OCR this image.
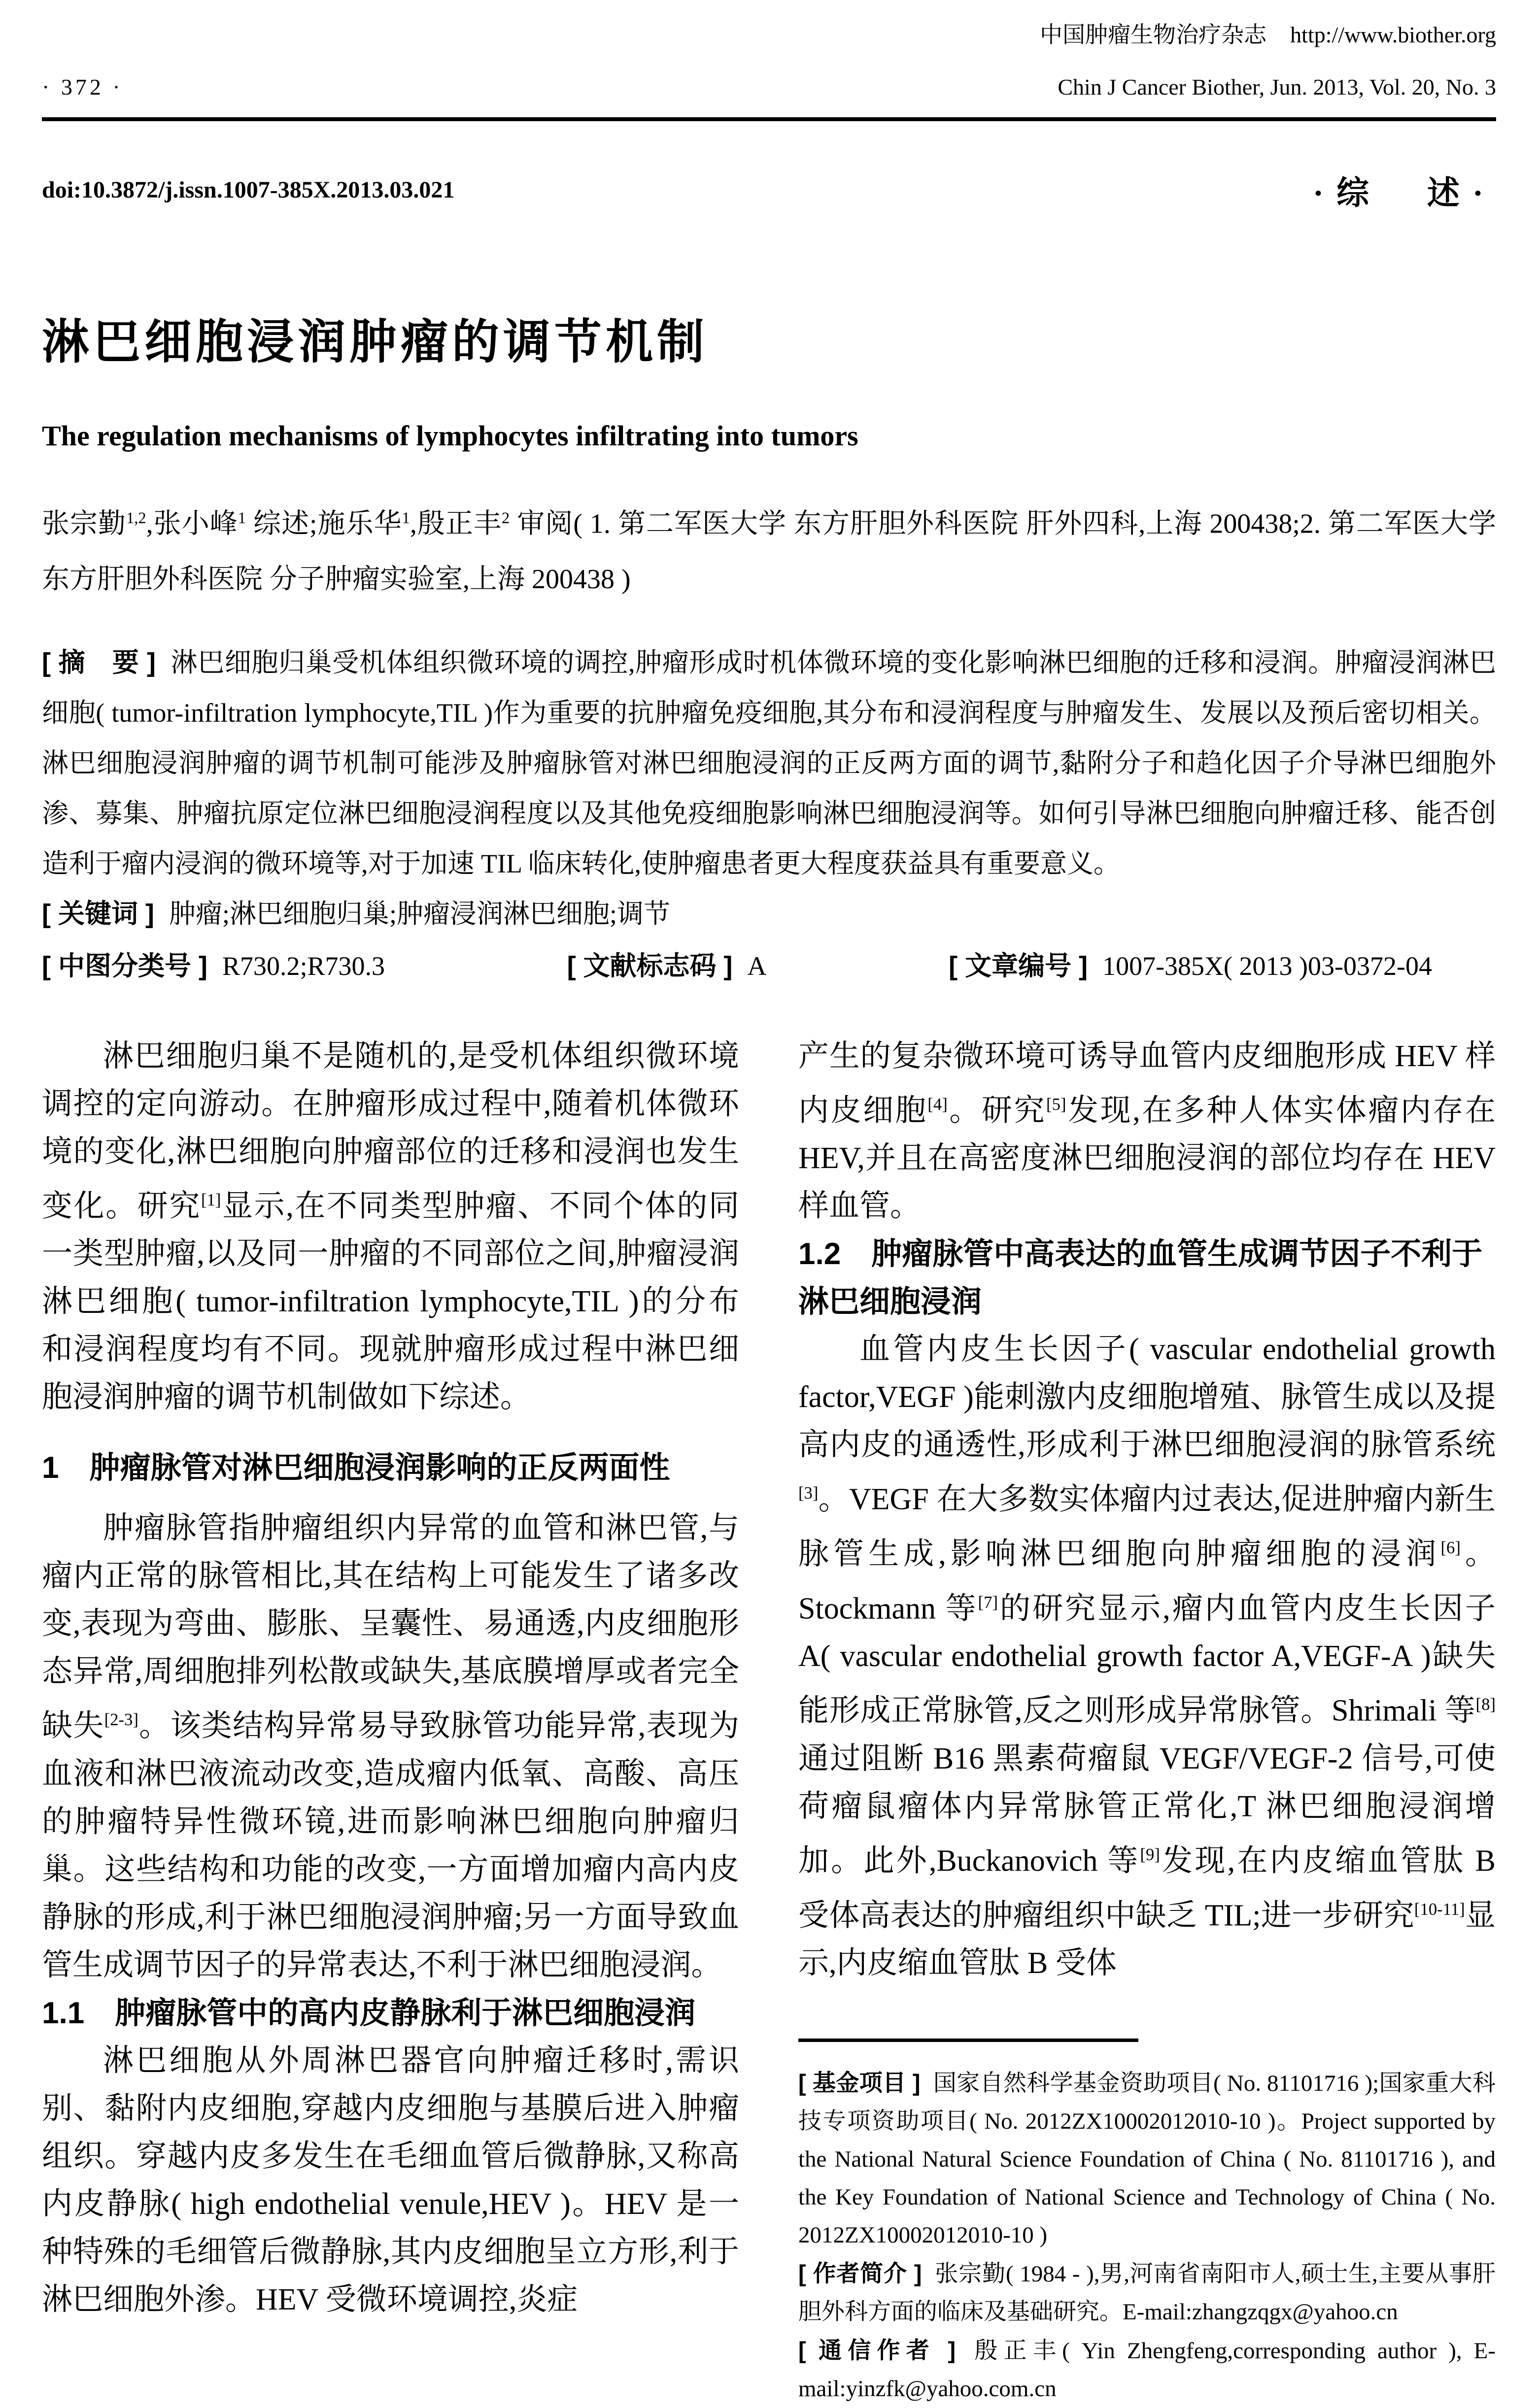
中国肿瘤生物治疗杂志 http://www.biother.org
· 372 ·	Chin J Cancer Biother, Jun. 2013, Vol. 20, No. 3
doi:10.3872/j.issn.1007-385X.2013.03.021	·综　述·
淋巴细胞浸润肿瘤的调节机制
The regulation mechanisms of lymphocytes infiltrating into tumors

张宗勤$^{1,2}$,张小峰$^1$ 综述;施乐华$^1$,殷正丰$^2$ 审阅( 1. 第二军医大学 东方肝胆外科医院 肝外四科,上海 200438;2. 第二军医大学 东方肝胆外科医院 分子肿瘤实验室,上海 200438 )

[ 摘　要 ] 淋巴细胞归巢受机体组织微环境的调控,肿瘤形成时机体微环境的变化影响淋巴细胞的迁移和浸润。肿瘤浸润淋巴细胞( tumor-infiltration lymphocyte,TIL )作为重要的抗肿瘤免疫细胞,其分布和浸润程度与肿瘤发生、发展以及预后密切相关。淋巴细胞浸润肿瘤的调节机制可能涉及肿瘤脉管对淋巴细胞浸润的正反两方面的调节,黏附分子和趋化因子介导淋巴细胞外渗、募集、肿瘤抗原定位淋巴细胞浸润程度以及其他免疫细胞影响淋巴细胞浸润等。如何引导淋巴细胞向肿瘤迁移、能否创造利于瘤内浸润的微环境等,对于加速 TIL 临床转化,使肿瘤患者更大程度获益具有重要意义。

[ 关键词 ] 肿瘤;淋巴细胞归巢;肿瘤浸润淋巴细胞;调节

[ 中图分类号 ] R730.2;R730.3	[ 文献标志码 ] A	[ 文章编号 ] 1007-385X( 2013 )03-0372-04

淋巴细胞归巢不是随机的,是受机体组织微环境调控的定向游动。在肿瘤形成过程中,随着机体微环境的变化,淋巴细胞向肿瘤部位的迁移和浸润也发生变化。研究[1]显示,在不同类型肿瘤、不同个体的同一类型肿瘤,以及同一肿瘤的不同部位之间,肿瘤浸润淋巴细胞( tumor-infiltration lymphocyte,TIL )的分布和浸润程度均有不同。现就肿瘤形成过程中淋巴细胞浸润肿瘤的调节机制做如下综述。

1　肿瘤脉管对淋巴细胞浸润影响的正反两面性

肿瘤脉管指肿瘤组织内异常的血管和淋巴管,与瘤内正常的脉管相比,其在结构上可能发生了诸多改变,表现为弯曲、膨胀、呈囊性、易通透,内皮细胞形态异常,周细胞排列松散或缺失,基底膜增厚或者完全缺失[2-3]。该类结构异常易导致脉管功能异常,表现为血液和淋巴液流动改变,造成瘤内低氧、高酸、高压的肿瘤特异性微环镜,进而影响淋巴细胞向肿瘤归巢。这些结构和功能的改变,一方面增加瘤内高内皮静脉的形成,利于淋巴细胞浸润肿瘤;另一方面导致血管生成调节因子的异常表达,不利于淋巴细胞浸润。

1.1　肿瘤脉管中的高内皮静脉利于淋巴细胞浸润

淋巴细胞从外周淋巴器官向肿瘤迁移时,需识别、黏附内皮细胞,穿越内皮细胞与基膜后进入肿瘤组织。穿越内皮多发生在毛细血管后微静脉,又称高内皮静脉( high endothelial venule,HEV )。HEV 是一种特殊的毛细管后微静脉,其内皮细胞呈立方形,利于淋巴细胞外渗。HEV 受微环境调控,炎症

产生的复杂微环境可诱导血管内皮细胞形成 HEV 样内皮细胞[4]。研究[5]发现,在多种人体实体瘤内存在 HEV,并且在高密度淋巴细胞浸润的部位均存在 HEV 样血管。

1.2　肿瘤脉管中高表达的血管生成调节因子不利于淋巴细胞浸润

血管内皮生长因子( vascular endothelial growth factor,VEGF )能刺激内皮细胞增殖、脉管生成以及提高内皮的通透性,形成利于淋巴细胞浸润的脉管系统[3]。VEGF 在大多数实体瘤内过表达,促进肿瘤内新生脉管生成,影响淋巴细胞向肿瘤细胞的浸润[6]。Stockmann 等[7]的研究显示,瘤内血管内皮生长因子 A( vascular endothelial growth factor A,VEGF-A )缺失能形成正常脉管,反之则形成异常脉管。Shrimali 等[8]通过阻断 B16 黑素荷瘤鼠 VEGF/VEGF-2 信号,可使荷瘤鼠瘤体内异常脉管正常化,T 淋巴细胞浸润增加。此外,Buckanovich 等[9]发现,在内皮缩血管肽 B 受体高表达的肿瘤组织中缺乏 TIL;进一步研究[10-11]显示,内皮缩血管肽 B 受体

[ 基金项目 ] 国家自然科学基金资助项目( No. 81101716 );国家重大科技专项资助项目( No. 2012ZX10002012010-10 )。Project supported by the National Natural Science Foundation of China ( No. 81101716 ), and the Key Foundation of National Science and Technology of China ( No. 2012ZX10002012010-10 )

[ 作者简介 ] 张宗勤( 1984 - ),男,河南省南阳市人,硕士生,主要从事肝胆外科方面的临床及基础研究。E-mail:zhangzqgx@yahoo.cn

[ 通信作者 ] 殷正丰( Yin Zhengfeng,corresponding author ), E-mail:yinzfk@yahoo.com.cn
